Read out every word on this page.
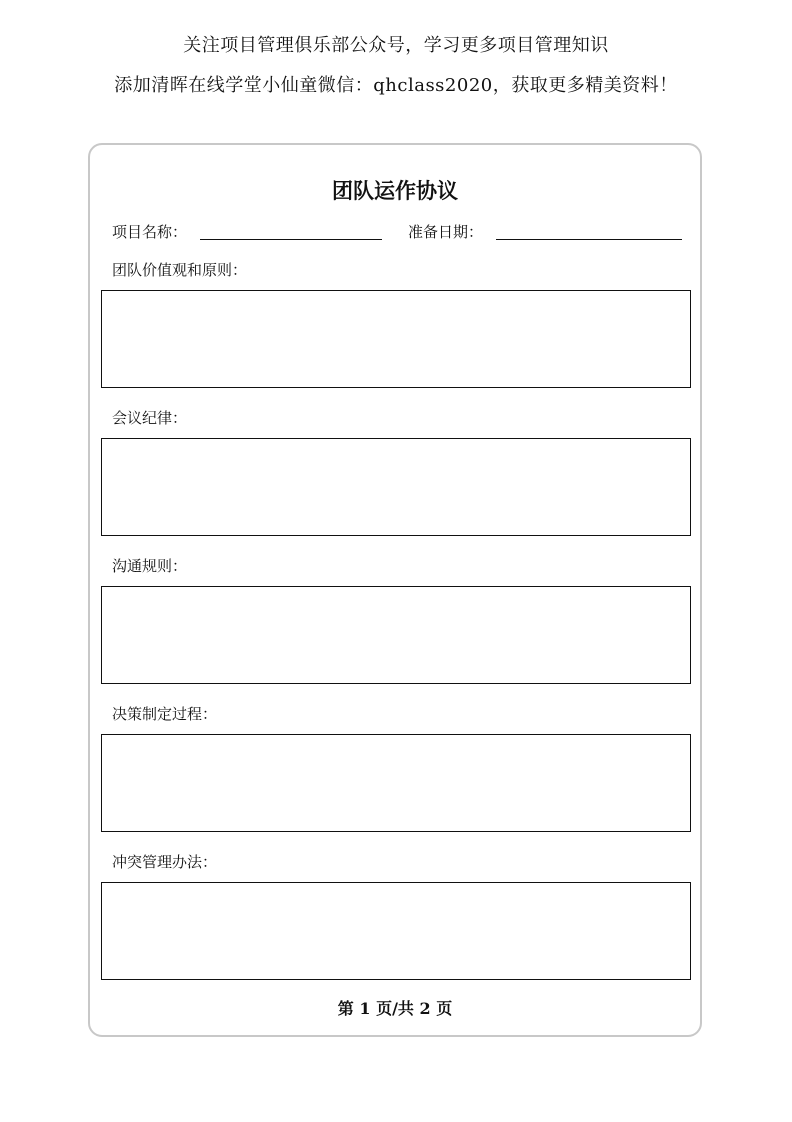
关注项目管理俱乐部公众号，学习更多项目管理知识
添加清晖在线学堂小仙童微信：qhclass2020，获取更多精美资料！
团队运作协议
项目名称：	准备日期：
团队价值观和原则：
会议纪律：
沟通规则：
决策制定过程：
冲突管理办法：
第 1 页/共 2 页
